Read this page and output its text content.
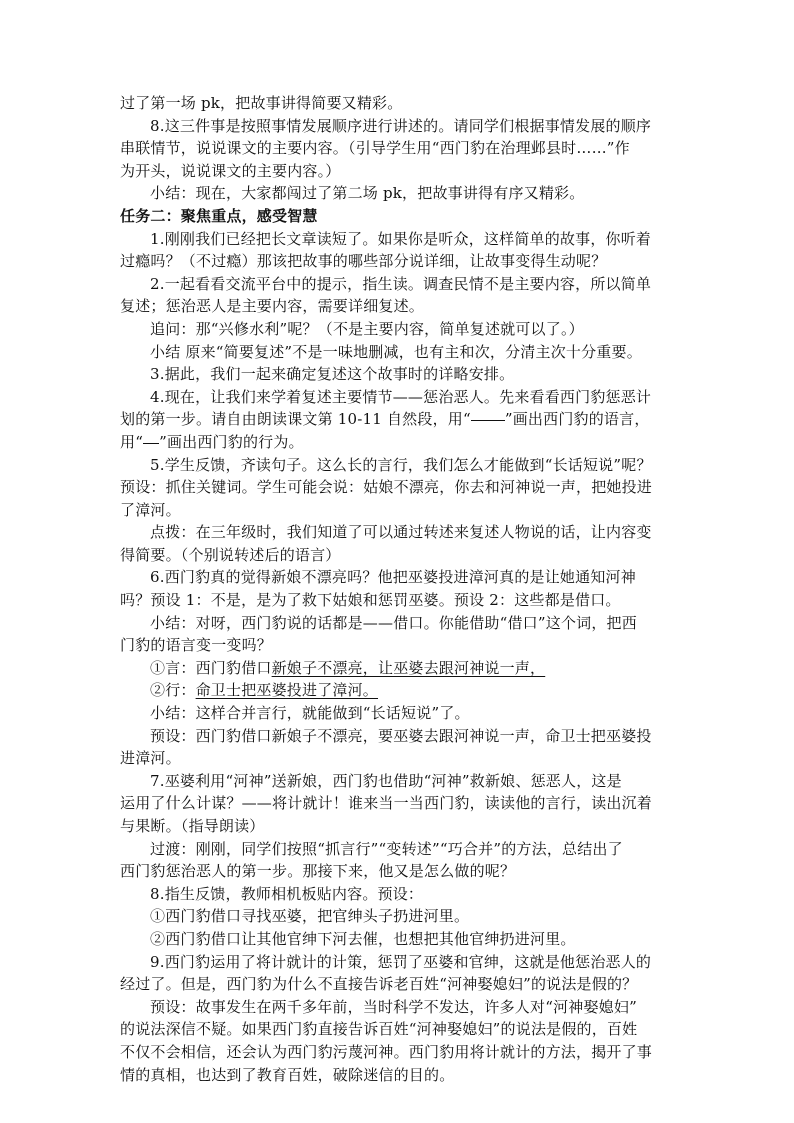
过了第一场 pk，把故事讲得简要又精彩。
8.这三件事是按照事情发展顺序进行讲述的。请同学们根据事情发展的顺序
串联情节，说说课文的主要内容。（引导学生用“西门豹在治理邺县时……”作
为开头，说说课文的主要内容。）
小结：现在，大家都闯过了第二场 pk，把故事讲得有序又精彩。
任务二：聚焦重点，感受智慧
1.刚刚我们已经把长文章读短了。如果你是听众，这样简单的故事，你听着
过瘾吗？（不过瘾）那该把故事的哪些部分说详细，让故事变得生动呢？
2.一起看看交流平台中的提示，指生读。调查民情不是主要内容，所以简单
复述；惩治恶人是主要内容，需要详细复述。
追问：那“兴修水利”呢？（不是主要内容，简单复述就可以了。）
小结 原来“简要复述”不是一味地删减，也有主和次，分清主次十分重要。
3.据此，我们一起来确定复述这个故事时的详略安排。
4.现在，让我们来学着复述主要情节——惩治恶人。先来看看西门豹惩恶计
划的第一步。请自由朗读课文第 10-11 自然段，用“ ”画出西门豹的语言，
用“ ”画出西门豹的行为。
5.学生反馈，齐读句子。这么长的言行，我们怎么才能做到“长话短说”呢？
预设：抓住关键词。学生可能会说：姑娘不漂亮，你去和河神说一声，把她投进
了漳河。
点拨：在三年级时，我们知道了可以通过转述来复述人物说的话，让内容变
得简要。（个别说转述后的语言）
6.西门豹真的觉得新娘不漂亮吗？他把巫婆投进漳河真的是让她通知河神
吗？预设 1：不是，是为了救下姑娘和惩罚巫婆。预设 2：这些都是借口。
小结：对呀，西门豹说的话都是——借口。你能借助“借口”这个词，把西
门豹的语言变一变吗？
①言：西门豹借口新娘子不漂亮，让巫婆去跟河神说一声，
②行：命卫士把巫婆投进了漳河。
小结：这样合并言行，就能做到“长话短说”了。
预设：西门豹借口新娘子不漂亮，要巫婆去跟河神说一声，命卫士把巫婆投
进漳河。
7.巫婆利用“河神”送新娘，西门豹也借助“河神”救新娘、惩恶人，这是
运用了什么计谋？——将计就计！谁来当一当西门豹，读读他的言行，读出沉着
与果断。（指导朗读）
过渡：刚刚，同学们按照“抓言行”“变转述”“巧合并”的方法，总结出了
西门豹惩治恶人的第一步。那接下来，他又是怎么做的呢？
8.指生反馈，教师相机板贴内容。预设：
①西门豹借口寻找巫婆，把官绅头子扔进河里。
②西门豹借口让其他官绅下河去催，也想把其他官绅扔进河里。
9.西门豹运用了将计就计的计策，惩罚了巫婆和官绅，这就是他惩治恶人的
经过了。但是，西门豹为什么不直接告诉老百姓“河神娶媳妇”的说法是假的？
预设：故事发生在两千多年前，当时科学不发达，许多人对“河神娶媳妇”
的说法深信不疑。如果西门豹直接告诉百姓“河神娶媳妇”的说法是假的，百姓
不仅不会相信，还会认为西门豹污蔑河神。西门豹用将计就计的方法，揭开了事
情的真相，也达到了教育百姓，破除迷信的目的。
